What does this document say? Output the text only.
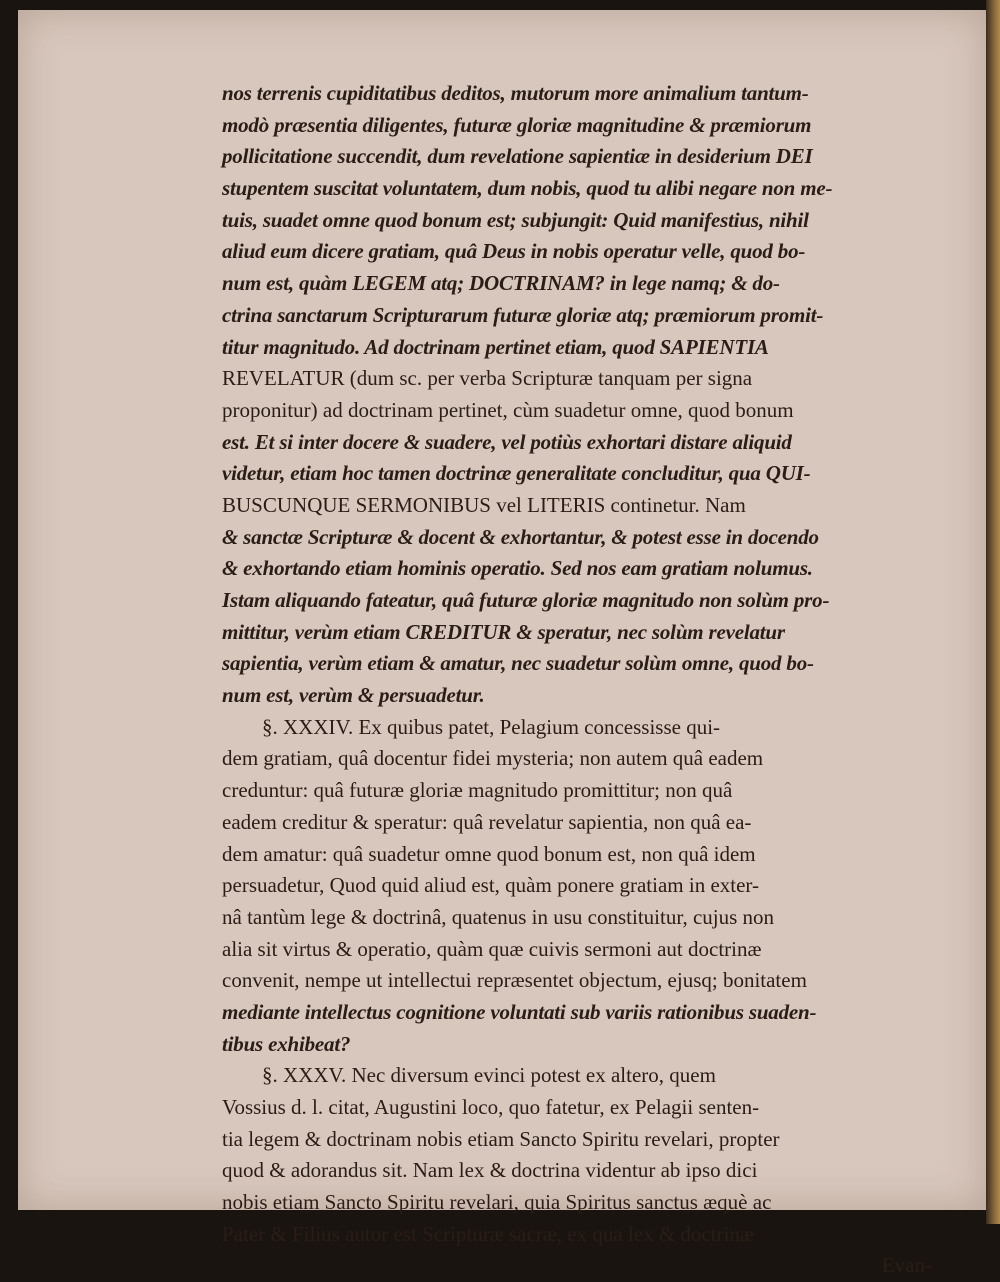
nos terrenis cupiditatibus deditos, mutorum more animalium tantum-
modò præsentia diligentes, futuræ gloriæ magnitudine & præmiorum
pollicitatione succendit, dum revelatione sapientiæ in desiderium DEI
stupentem suscitat voluntatem, dum nobis, quod tu alibi negare non me-
tuis, suadet omne quod bonum est; subjungit: Quid manifestius, nihil
aliud eum dicere gratiam, quâ Deus in nobis operatur velle, quod bo-
num est, quàm LEGEM atq; DOCTRINAM? in lege namq; & do-
ctrina sanctarum Scripturarum futuræ gloriæ atq; præmiorum promit-
titur magnitudo. Ad doctrinam pertinet etiam, quod SAPIENTIA
REVELATUR (dum sc. per verba Scripturæ tanquam per signa
proponitur) ad doctrinam pertinet, cùm suadetur omne, quod bonum
est. Et si inter docere & suadere, vel potiùs exhortari distare aliquid
videtur, etiam hoc tamen doctrinæ generalitate concluditur, qua QUI-
BUSCUNQUE SERMONIBUS vel LITERIS continetur. Nam
& sanctæ Scripturæ & docent & exhortantur, & potest esse in docendo
& exhortando etiam hominis operatio. Sed nos eam gratiam nolumus.
Istam aliquando fateatur, quâ futuræ gloriæ magnitudo non solùm pro-
mittitur, verùm etiam CREDITUR & speratur, nec solùm revelatur
sapientia, verùm etiam & amatur, nec suadetur solùm omne, quod bo-
num est, verùm & persuadetur.
§. XXXIV. Ex quibus patet, Pelagium concessisse qui-
dem gratiam, quâ docentur fidei mysteria; non autem quâ eadem
creduntur: quâ futuræ gloriæ magnitudo promittitur; non quâ
eadem creditur & speratur: quâ revelatur sapientia, non quâ ea-
dem amatur: quâ suadetur omne quod bonum est, non quâ idem
persuadetur, Quod quid aliud est, quàm ponere gratiam in exter-
nâ tantùm lege & doctrinâ, quatenus in usu constituitur, cujus non
alia sit virtus & operatio, quàm quæ cuivis sermoni aut doctrinæ
convenit, nempe ut intellectui repræsentet objectum, ejusq; bonitatem
mediante intellectus cognitione voluntati sub variis rationibus suaden-
tibus exhibeat?
§. XXXV. Nec diversum evinci potest ex altero, quem
Vossius d. l. citat, Augustini loco, quo fatetur, ex Pelagii senten-
tia legem & doctrinam nobis etiam Sancto Spiritu revelari, propter
quod & adorandus sit. Nam lex & doctrina videntur ab ipso dici
nobis etiam Sancto Spiritu revelari, quia Spiritus sanctus æquè ac
Pater & Filius autor est Scripturæ sacræ, ex qua lex & doctrinæ
Evan-
